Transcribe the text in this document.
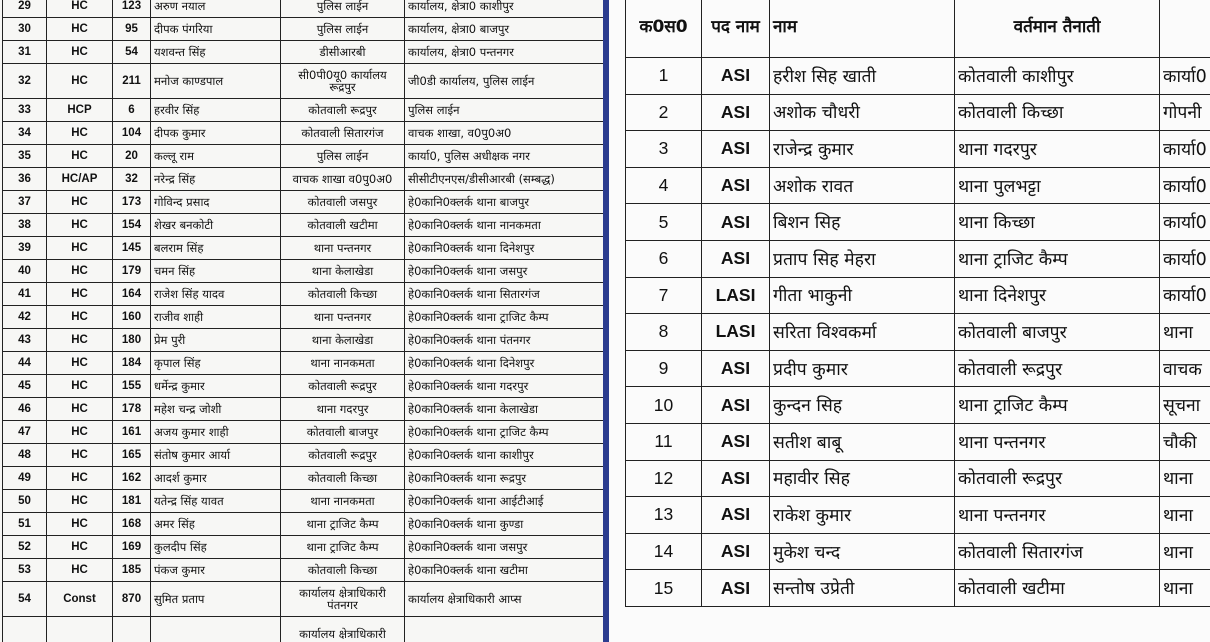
29	HC	123	अरुण नयाल	पुलिस लाईन	कार्यालय, क्षेत्रा0 काशीपुर
30	HC	95	दीपक पंगरिया	पुलिस लाईन	कार्यालय, क्षेत्रा0 बाजपुर
31	HC	54	यशवन्त सिंह	डीसीआरबी	कार्यालय, क्षेत्रा0 पन्तनगर
32	HC	211	मनोज काण्डपाल	सी0पी0यू0 कार्यालय रूद्रपुर	जी0डी कार्यालय, पुलिस लाईन
33	HCP	6	हरवीर सिंह	कोतवाली रूद्रपुर	पुलिस लाईन
34	HC	104	दीपक कुमार	कोतवाली सितारगंज	वाचक शाखा, व0पु0अ0
35	HC	20	कल्लू राम	पुलिस लाईन	कार्या0, पुलिस अधीक्षक नगर
36	HC/AP	32	नरेन्द्र सिंह	वाचक शाखा व0पु0अ0	सीसीटीएनएस/डीसीआरबी (सम्बद्ध)
37	HC	173	गोविन्द प्रसाद	कोतवाली जसपुर	हे0कानि0क्लर्क थाना बाजपुर
38	HC	154	शेखर बनकोटी	कोतवाली खटीमा	हे0कानि0क्लर्क थाना नानकमता
39	HC	145	बलराम सिंह	थाना पन्तनगर	हे0कानि0क्लर्क थाना दिनेशपुर
40	HC	179	चमन सिंह	थाना केलाखेडा	हे0कानि0क्लर्क थाना जसपुर
41	HC	164	राजेश सिंह यादव	कोतवाली किच्छा	हे0कानि0क्लर्क थाना सितारगंज
42	HC	160	राजीव शाही	थाना पन्तनगर	हे0कानि0क्लर्क थाना ट्राजिट कैम्प
43	HC	180	प्रेम पुरी	थाना केलाखेडा	हे0कानि0क्लर्क थाना पंतनगर
44	HC	184	कृपाल सिंह	थाना नानकमता	हे0कानि0क्लर्क थाना दिनेशपुर
45	HC	155	धर्मेन्द्र कुमार	कोतवाली रूद्रपुर	हे0कानि0क्लर्क थाना गदरपुर
46	HC	178	महेश चन्द्र जोशी	थाना गदरपुर	हे0कानि0क्लर्क थाना केलाखेडा
47	HC	161	अजय कुमार शाही	कोतवाली बाजपुर	हे0कानि0क्लर्क थाना ट्राजिट कैम्प
48	HC	165	संतोष कुमार आर्या	कोतवाली रूद्रपुर	हे0कानि0क्लर्क थाना काशीपुर
49	HC	162	आदर्श कुमार	कोतवाली किच्छा	हे0कानि0क्लर्क थाना रूद्रपुर
50	HC	181	यतेन्द्र सिंह यावत	थाना नानकमता	हे0कानि0क्लर्क थाना आईटीआई
51	HC	168	अमर सिंह	थाना ट्राजिट कैम्प	हे0कानि0क्लर्क थाना कुण्डा
52	HC	169	कुलदीप सिंह	थाना ट्राजिट कैम्प	हे0कानि0क्लर्क थाना जसपुर
53	HC	185	पंकज कुमार	कोतवाली किच्छा	हे0कानि0क्लर्क थाना खटीमा
54	Const	870	सुमित प्रताप	कार्यालय क्षेत्राधिकारी पंतनगर	कार्यालय क्षेत्राधिकारी आप्स
				कार्यालय क्षेत्राधिकारी	
क0स0	पद नाम	नाम	वर्तमान तैनाती	
1	ASI	हरीश सिह खाती	कोतवाली काशीपुर	कार्या0
2	ASI	अशोक चौधरी	कोतवाली किच्छा	गोपनी
3	ASI	राजेन्द्र कुमार	थाना गदरपुर	कार्या0
4	ASI	अशोक रावत	थाना पुलभट्टा	कार्या0
5	ASI	बिशन सिह	थाना किच्छा	कार्या0
6	ASI	प्रताप सिह मेहरा	थाना ट्राजिट कैम्प	कार्या0
7	LASI	गीता भाकुनी	थाना दिनेशपुर	कार्या0
8	LASI	सरिता विश्वकर्मा	कोतवाली बाजपुर	थाना
9	ASI	प्रदीप कुमार	कोतवाली रूद्रपुर	वाचक
10	ASI	कुन्दन सिह	थाना ट्राजिट कैम्प	सूचना
11	ASI	सतीश बाबू	थाना पन्तनगर	चौकी
12	ASI	महावीर सिह	कोतवाली रूद्रपुर	थाना
13	ASI	राकेश कुमार	थाना पन्तनगर	थाना
14	ASI	मुकेश चन्द	कोतवाली सितारगंज	थाना
15	ASI	सन्तोष उप्रेती	कोतवाली खटीमा	थाना
